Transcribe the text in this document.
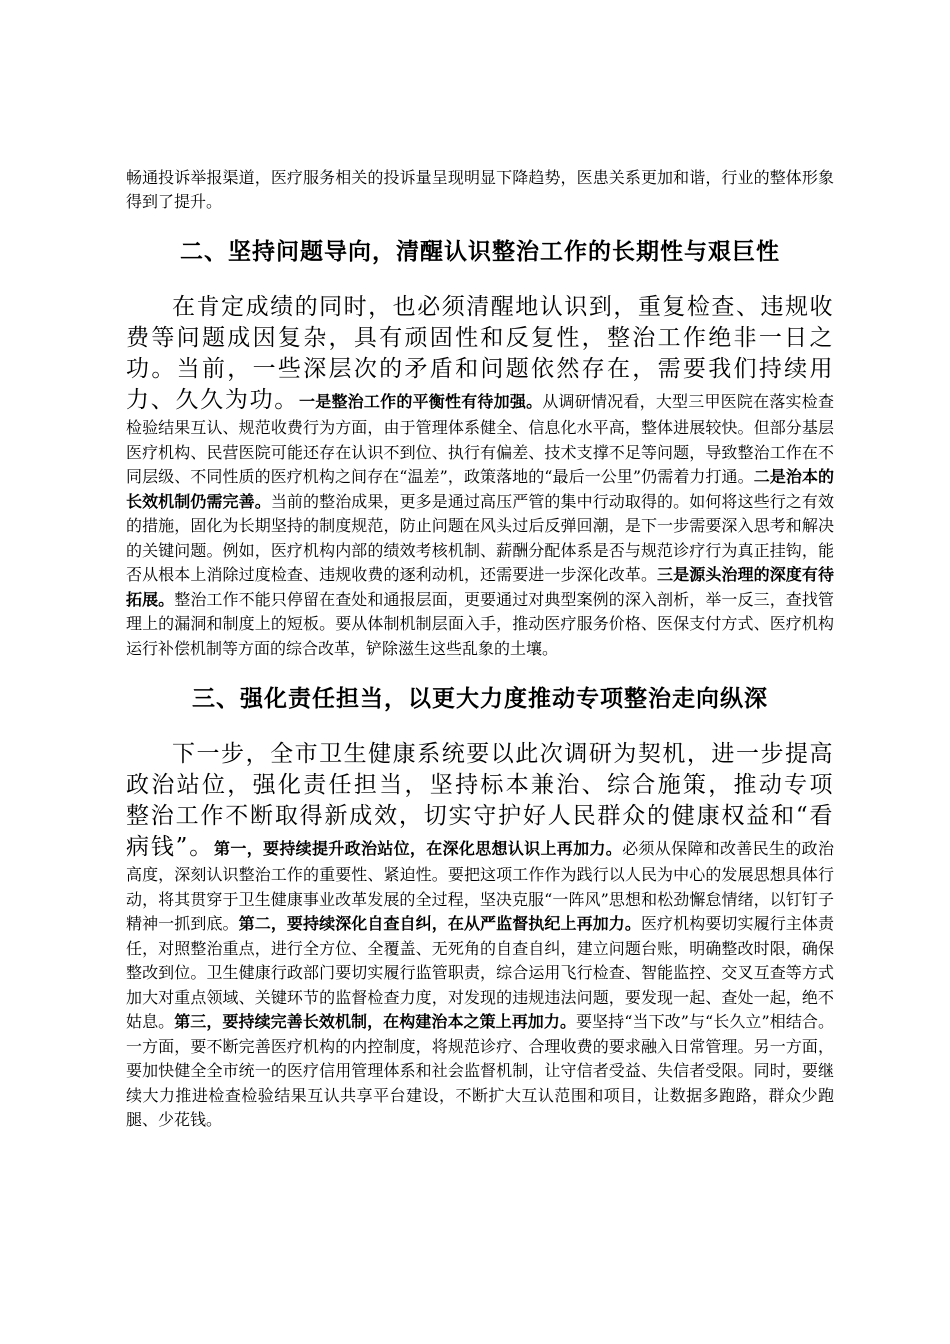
畅通投诉举报渠道，医疗服务相关的投诉量呈现明显下降趋势，医患关系更加和谐，行业的整体形象得到了提升。

二、坚持问题导向，清醒认识整治工作的长期性与艰巨性

在肯定成绩的同时，也必须清醒地认识到，重复检查、违规收费等问题成因复杂，具有顽固性和反复性，整治工作绝非一日之功。当前，一些深层次的矛盾和问题依然存在，需要我们持续用力、久久为功。一是整治工作的平衡性有待加强。从调研情况看，大型三甲医院在落实检查检验结果互认、规范收费行为方面，由于管理体系健全、信息化水平高，整体进展较快。但部分基层医疗机构、民营医院可能还存在认识不到位、执行有偏差、技术支撑不足等问题，导致整治工作在不同层级、不同性质的医疗机构之间存在“温差”，政策落地的“最后一公里”仍需着力打通。二是治本的长效机制仍需完善。当前的整治成果，更多是通过高压严管的集中行动取得的。如何将这些行之有效的措施，固化为长期坚持的制度规范，防止问题在风头过后反弹回潮，是下一步需要深入思考和解决的关键问题。例如，医疗机构内部的绩效考核机制、薪酬分配体系是否与规范诊疗行为真正挂钩，能否从根本上消除过度检查、违规收费的逐利动机，还需要进一步深化改革。三是源头治理的深度有待拓展。整治工作不能只停留在查处和通报层面，更要通过对典型案例的深入剖析，举一反三，查找管理上的漏洞和制度上的短板。要从体制机制层面入手，推动医疗服务价格、医保支付方式、医疗机构运行补偿机制等方面的综合改革，铲除滋生这些乱象的土壤。

三、强化责任担当，以更大力度推动专项整治走向纵深

下一步，全市卫生健康系统要以此次调研为契机，进一步提高政治站位，强化责任担当，坚持标本兼治、综合施策，推动专项整治工作不断取得新成效，切实守护好人民群众的健康权益和“看病钱”。第一，要持续提升政治站位，在深化思想认识上再加力。必须从保障和改善民生的政治高度，深刻认识整治工作的重要性、紧迫性。要把这项工作作为践行以人民为中心的发展思想具体行动，将其贯穿于卫生健康事业改革发展的全过程，坚决克服“一阵风”思想和松劲懈怠情绪，以钉钉子精神一抓到底。第二，要持续深化自查自纠，在从严监督执纪上再加力。医疗机构要切实履行主体责任，对照整治重点，进行全方位、全覆盖、无死角的自查自纠，建立问题台账，明确整改时限，确保整改到位。卫生健康行政部门要切实履行监管职责，综合运用飞行检查、智能监控、交叉互查等方式加大对重点领域、关键环节的监督检查力度，对发现的违规违法问题，要发现一起、查处一起，绝不姑息。第三，要持续完善长效机制，在构建治本之策上再加力。要坚持“当下改”与“长久立”相结合。一方面，要不断完善医疗机构的内控制度，将规范诊疗、合理收费的要求融入日常管理。另一方面，要加快健全全市统一的医疗信用管理体系和社会监督机制，让守信者受益、失信者受限。同时，要继续大力推进检查检验结果互认共享平台建设，不断扩大互认范围和项目，让数据多跑路，群众少跑腿、少花钱。
